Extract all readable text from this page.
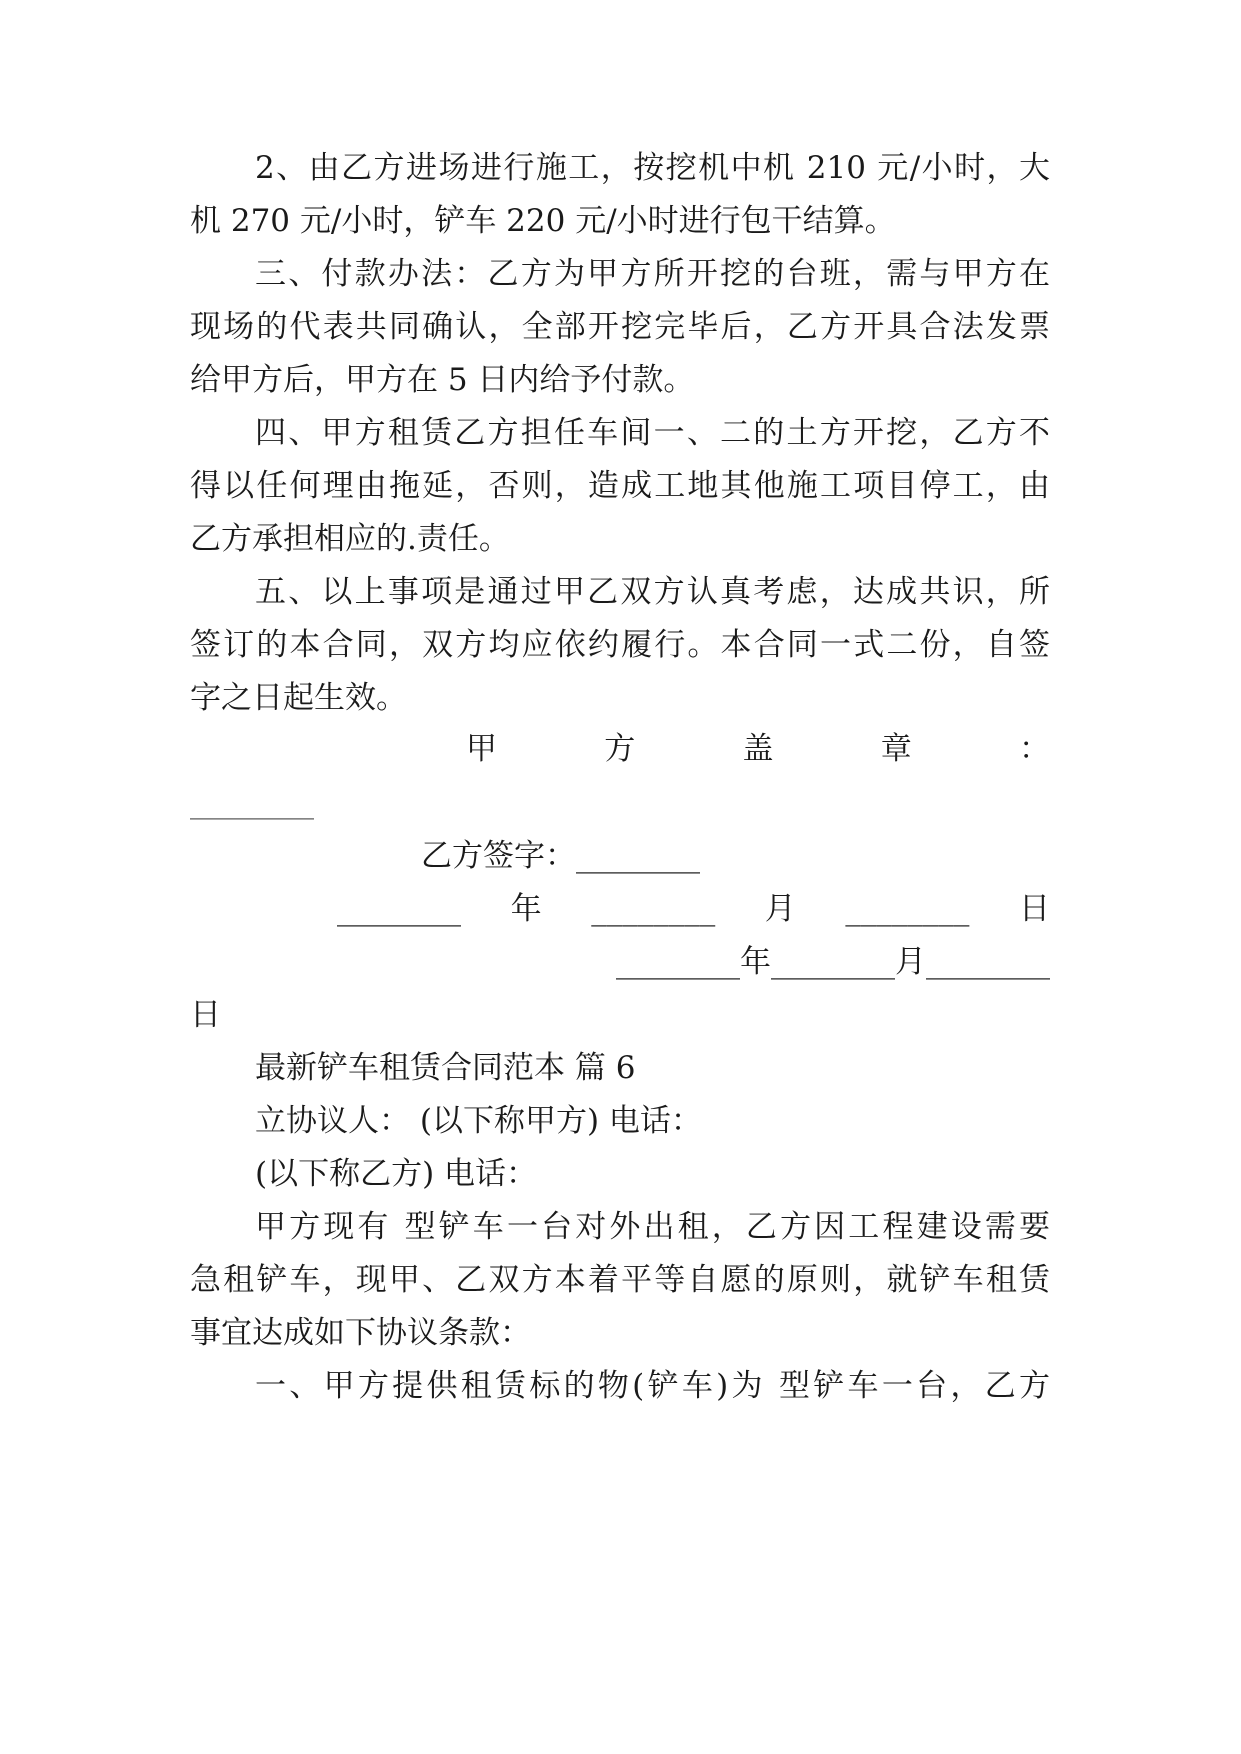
2、由乙方进场进行施工，按挖机中机 210 元/小时，大
机 270 元/小时，铲车 220 元/小时进行包干结算。
三、付款办法：乙方为甲方所开挖的台班，需与甲方在
现场的代表共同确认，全部开挖完毕后，乙方开具合法发票
给甲方后，甲方在 5 日内给予付款。
四、甲方租赁乙方担任车间一、二的土方开挖，乙方不
得以任何理由拖延，否则，造成工地其他施工项目停工，由
乙方承担相应的.责任。
五、以上事项是通过甲乙双方认真考虑，达成共识，所
签订的本合同，双方均应依约履行。本合同一式二份，自签
字之日起生效。
甲	方	盖	章	：
________
乙方签字：________
________ 年 ________ 月 ________ 日
________年________月________
日
最新铲车租赁合同范本 篇 6
立协议人： (以下称甲方) 电话：
(以下称乙方) 电话：
甲方现有 型铲车一台对外出租，乙方因工程建设需要
急租铲车，现甲、乙双方本着平等自愿的原则，就铲车租赁
事宜达成如下协议条款：
一、甲方提供租赁标的物(铲车)为 型铲车一台，乙方
